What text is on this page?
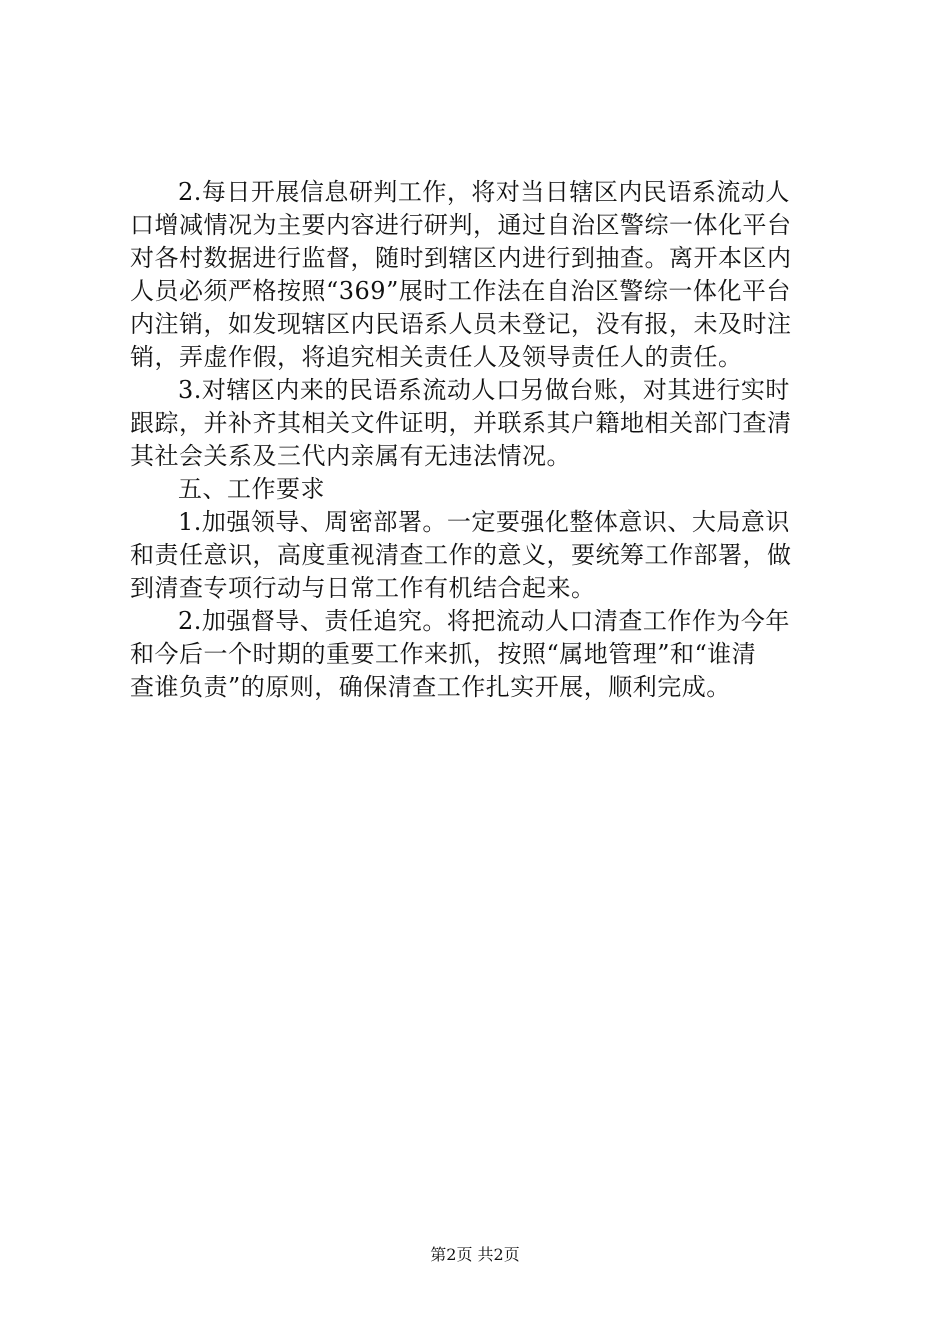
2.每日开展信息研判工作，将对当日辖区内民语系流动人
口增减情况为主要内容进行研判，通过自治区警综一体化平台
对各村数据进行监督，随时到辖区内进行到抽查。离开本区内
人员必须严格按照“369”展时工作法在自治区警综一体化平台
内注销，如发现辖区内民语系人员未登记，没有报，未及时注
销，弄虚作假，将追究相关责任人及领导责任人的责任。
3.对辖区内来的民语系流动人口另做台账，对其进行实时
跟踪，并补齐其相关文件证明，并联系其户籍地相关部门查清
其社会关系及三代内亲属有无违法情况。
五、工作要求
1.加强领导、周密部署。一定要强化整体意识、大局意识
和责任意识，高度重视清查工作的意义，要统筹工作部署，做
到清查专项行动与日常工作有机结合起来。
2.加强督导、责任追究。将把流动人口清查工作作为今年
和今后一个时期的重要工作来抓，按照“属地管理”和“谁清
查谁负责”的原则，确保清查工作扎实开展，顺利完成。
第2页 共2页
